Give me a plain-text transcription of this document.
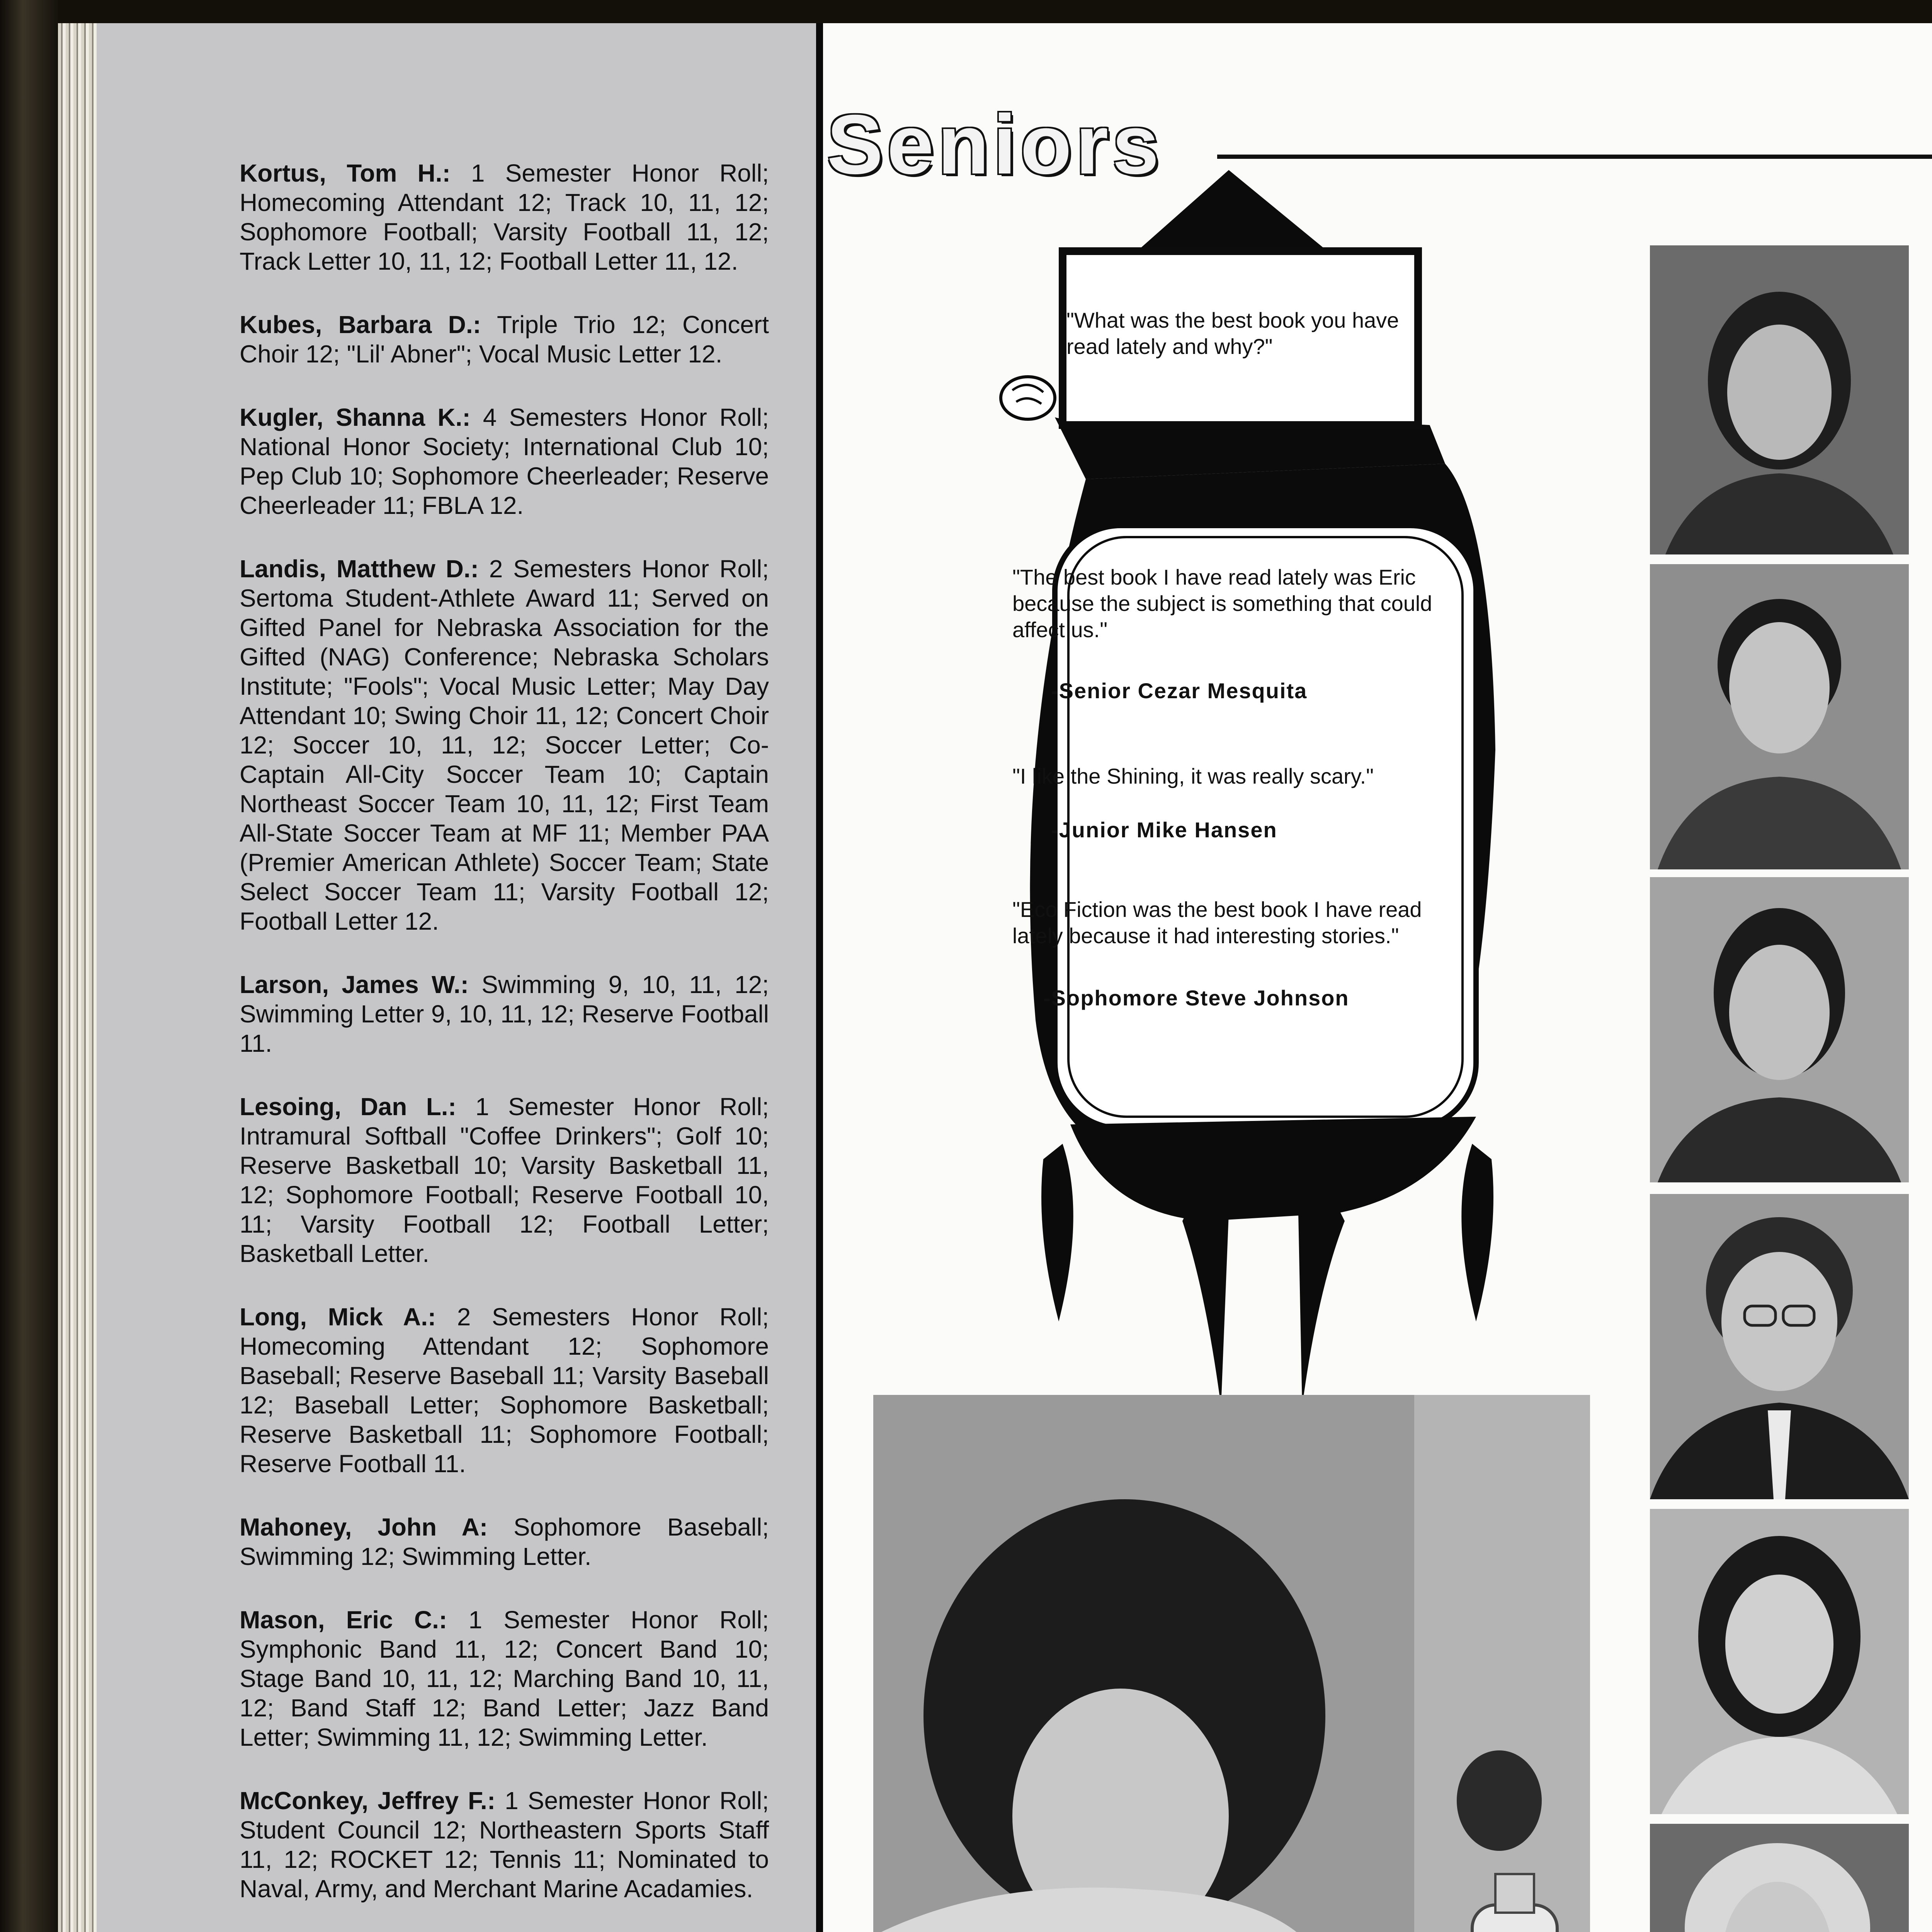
Kortus, Tom H.: 1 Semester Honor Roll; Homecoming Attendant 12; Track 10, 11, 12; Sophomore Football; Varsity Football 11, 12; Track Letter 10, 11, 12; Football Letter 11, 12.

Kubes, Barbara D.: Triple Trio 12; Concert Choir 12; "Lil' Abner"; Vocal Music Letter 12.

Kugler, Shanna K.: 4 Semesters Honor Roll; National Honor Society; International Club 10; Pep Club 10; Sophomore Cheerleader; Reserve Cheerleader 11; FBLA 12.

Landis, Matthew D.: 2 Semesters Honor Roll; Sertoma Student-Athlete Award 11; Served on Gifted Panel for Nebraska Association for the Gifted (NAG) Conference; Nebraska Scholars Institute; "Fools"; Vocal Music Letter; May Day Attendant 10; Swing Choir 11, 12; Concert Choir 12; Soccer 10, 11, 12; Soccer Letter; Co-Captain All-City Soccer Team 10; Captain Northeast Soccer Team 10, 11, 12; First Team All-State Soccer Team at MF 11; Member PAA (Premier American Athlete) Soccer Team; State Select Soccer Team 11; Varsity Football 12; Football Letter 12.

Larson, James W.: Swimming 9, 10, 11, 12; Swimming Letter 9, 10, 11, 12; Reserve Football 11.

Lesoing, Dan L.: 1 Semester Honor Roll; Intramural Softball "Coffee Drinkers"; Golf 10; Reserve Basketball 10; Varsity Basketball 11, 12; Sophomore Football; Reserve Football 10, 11; Varsity Football 12; Football Letter; Basketball Letter.

Long, Mick A.: 2 Semesters Honor Roll; Homecoming Attendant 12; Sophomore Baseball; Reserve Baseball 11; Varsity Baseball 12; Baseball Letter; Sophomore Basketball; Reserve Basketball 11; Sophomore Football; Reserve Football 11.

Mahoney, John A: Sophomore Baseball; Swimming 12; Swimming Letter.

Mason, Eric C.: 1 Semester Honor Roll; Symphonic Band 11, 12; Concert Band 10; Stage Band 10, 11, 12; Marching Band 10, 11, 12; Band Staff 12; Band Letter; Jazz Band Letter; Swimming 11, 12; Swimming Letter.

McConkey, Jeffrey F.: 1 Semester Honor Roll; Student Council 12; Northeastern Sports Staff 11, 12; ROCKET 12; Tennis 11; Nominated to Naval, Army, and Merchant Marine Acadamies.

Seniors
"What was the best book you have read lately and why?"
"The best book I have read lately was Eric because the subject is something that could affect us."
-Senior Cezar Mesquita
"I like the Shining, it was really scary."
-Junior Mike Hansen
"Eco Fiction was the best book I have read lately because it had interesting stories."
-Sophomore Steve Johnson
